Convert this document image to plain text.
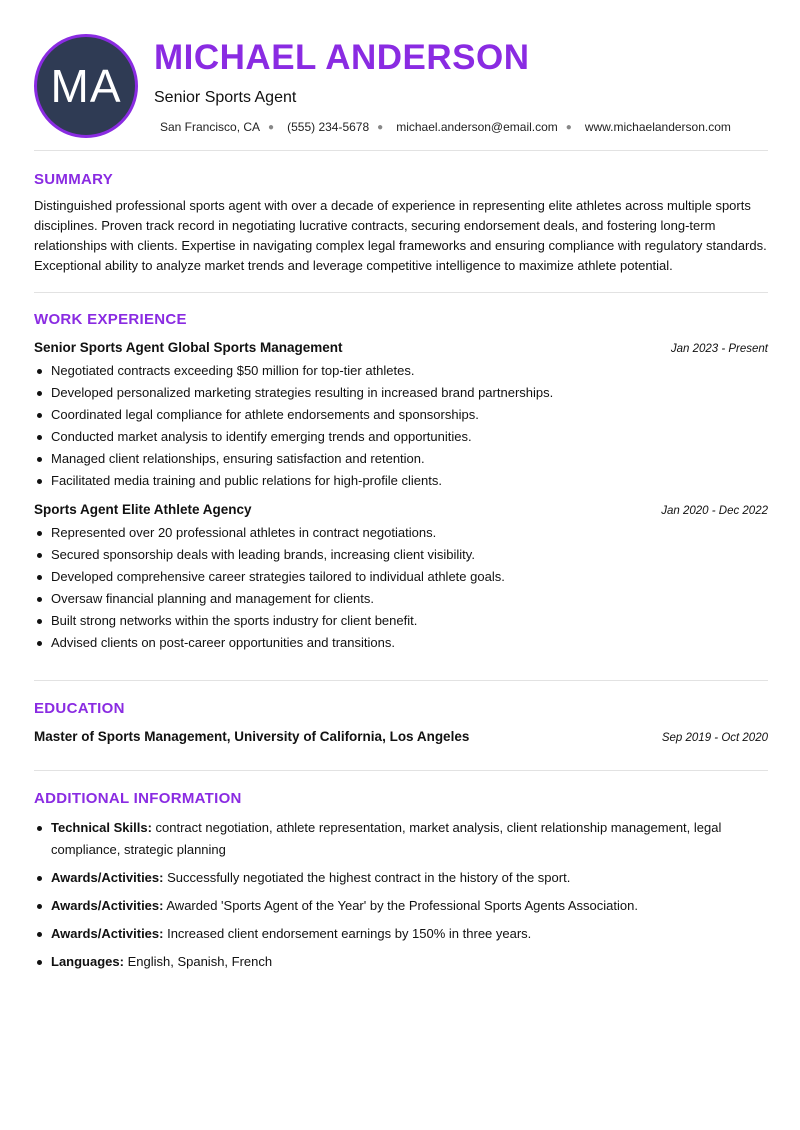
MA
MICHAEL ANDERSON
Senior Sports Agent
San Francisco, CA ● (555) 234-5678 ● michael.anderson@email.com ● www.michaelanderson.com
SUMMARY

Distinguished professional sports agent with over a decade of experience in representing elite athletes across multiple sports disciplines. Proven track record in negotiating lucrative contracts, securing endorsement deals, and fostering long-term relationships with clients. Expertise in navigating complex legal frameworks and ensuring compliance with regulatory standards. Exceptional ability to analyze market trends and leverage competitive intelligence to maximize athlete potential.

WORK EXPERIENCE
Senior Sports Agent Global Sports Management	Jan 2023 - Present
Negotiated contracts exceeding $50 million for top-tier athletes.
Developed personalized marketing strategies resulting in increased brand partnerships.
Coordinated legal compliance for athlete endorsements and sponsorships.
Conducted market analysis to identify emerging trends and opportunities.
Managed client relationships, ensuring satisfaction and retention.
Facilitated media training and public relations for high-profile clients.
Sports Agent Elite Athlete Agency	Jan 2020 - Dec 2022
Represented over 20 professional athletes in contract negotiations.
Secured sponsorship deals with leading brands, increasing client visibility.
Developed comprehensive career strategies tailored to individual athlete goals.
Oversaw financial planning and management for clients.
Built strong networks within the sports industry for client benefit.
Advised clients on post-career opportunities and transitions.
EDUCATION
Master of Sports Management, University of California, Los Angeles	Sep 2019 - Oct 2020
ADDITIONAL INFORMATION
Technical Skills: contract negotiation, athlete representation, market analysis, client relationship management, legal compliance, strategic planning
Awards/Activities: Successfully negotiated the highest contract in the history of the sport.
Awards/Activities: Awarded 'Sports Agent of the Year' by the Professional Sports Agents Association.
Awards/Activities: Increased client endorsement earnings by 150% in three years.
Languages: English, Spanish, French
